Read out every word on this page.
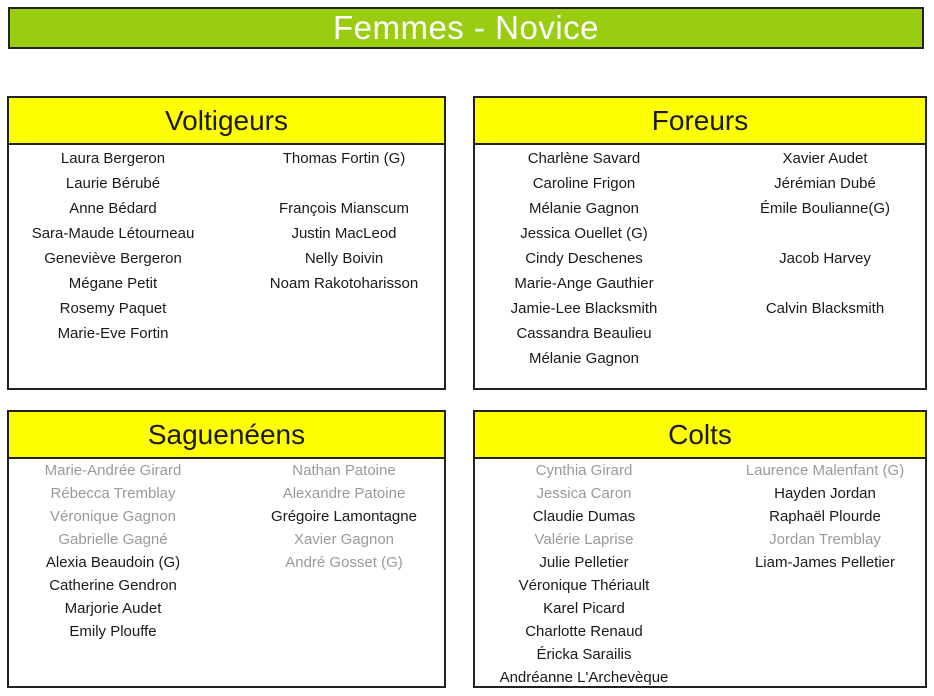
Femmes - Novice
Voltigeurs
Laura Bergeron
Laurie Bérubé
Anne Bédard
Sara-Maude Létourneau
Geneviève Bergeron
Mégane Petit
Rosemy Paquet
Marie-Eve Fortin
Thomas Fortin (G)
François Mianscum
Justin MacLeod
Nelly Boivin
Noam Rakotoharisson
Foreurs
Charlène Savard
Caroline Frigon
Mélanie Gagnon
Jessica Ouellet (G)
Cindy Deschenes
Marie-Ange Gauthier
Jamie-Lee Blacksmith
Cassandra Beaulieu
Mélanie Gagnon
Xavier Audet
Jérémian Dubé
Émile Boulianne(G)
Jacob Harvey
Calvin Blacksmith
Saguenéens
Marie-Andrée Girard
Rébecca Tremblay
Véronique Gagnon
Gabrielle Gagné
Alexia Beaudoin (G)
Catherine Gendron
Marjorie Audet
Emily Plouffe
Nathan Patoine
Alexandre Patoine
Grégoire Lamontagne
Xavier Gagnon
André Gosset (G)
Colts
Cynthia Girard
Jessica Caron
Claudie Dumas
Valérie Laprise
Julie Pelletier
Véronique Thériault
Karel Picard
Charlotte Renaud
Éricka Sarailis
Andréanne L'Archevèque
Laurence Malenfant (G)
Hayden Jordan
Raphaël Plourde
Jordan Tremblay
Liam-James Pelletier
